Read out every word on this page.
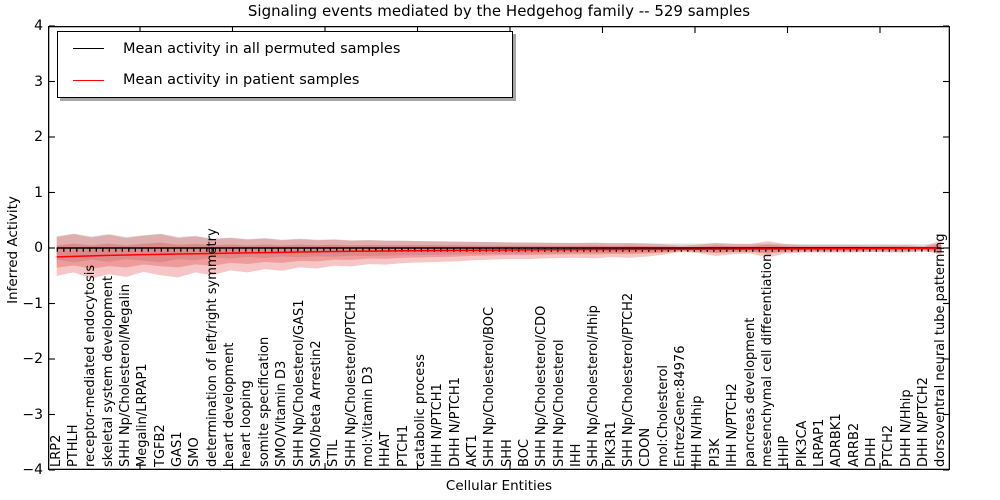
Signaling events mediated by the Hedgehog family -- 529 samples
Inferred Activity
Cellular Entities
4
3
2
1
0
−1
−2
−3
−4
LRP2 PTHLH receptor-mediated endocytosis skeletal system development SHH Np/Cholesterol/Megalin Megalin/LRPAP1 TGFB2 GAS1 SMO determination of left/right symmetry heart development heart looping somite specification SMO/Vitamin D3 SHH Np/Cholesterol/GAS1 SMO/beta Arrestin2 STIL SHH Np/Cholesterol/PTCH1 mol:Vitamin D3 HHAT PTCH1 catabolic process IHH N/PTCH1 DHH N/PTCH1 AKT1 SHH Np/Cholesterol/BOC SHH BOC SHH Np/Cholesterol/CDO SHH Np/Cholesterol IHH SHH Np/Cholesterol/Hhip PIK3R1 SHH Np/Cholesterol/PTCH2 CDON mol:Cholesterol EntrezGene:84976 IHH N/Hhip PI3K IHH N/PTCH2 pancreas development mesenchymal cell differentiation HHIP PIK3CA LRPAP1 ADRBK1 ARRB2 DHH PTCH2 DHH N/Hhip DHH N/PTCH2 dorsoventral neural tube patterning
Mean activity in all permuted samples
Mean activity in patient samples
